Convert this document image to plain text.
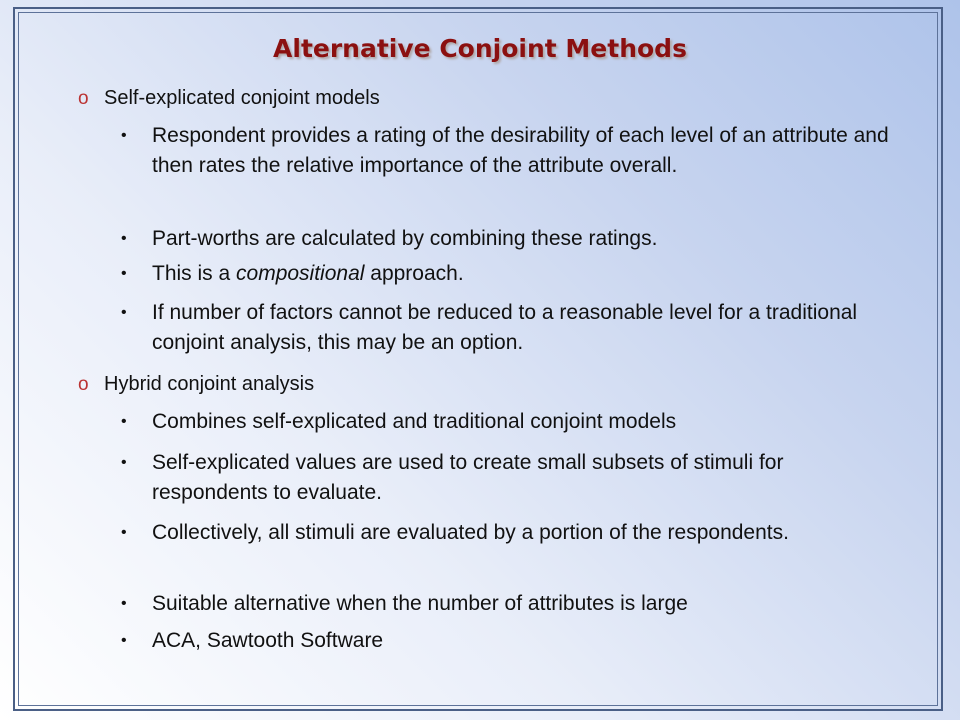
Alternative Conjoint Methods
o Self-explicated conjoint models
• Respondent provides a rating of the desirability of each level of an attribute and then rates the relative importance of the attribute overall.
• Part-worths are calculated by combining these ratings.
• This is a compositional approach.
• If number of factors cannot be reduced to a reasonable level for a traditional conjoint analysis, this may be an option.
o Hybrid conjoint analysis
• Combines self-explicated and traditional conjoint models
• Self-explicated values are used to create small subsets of stimuli for respondents to evaluate.
• Collectively, all stimuli are evaluated by a portion of the respondents.
• Suitable alternative when the number of attributes is large
• ACA, Sawtooth Software
